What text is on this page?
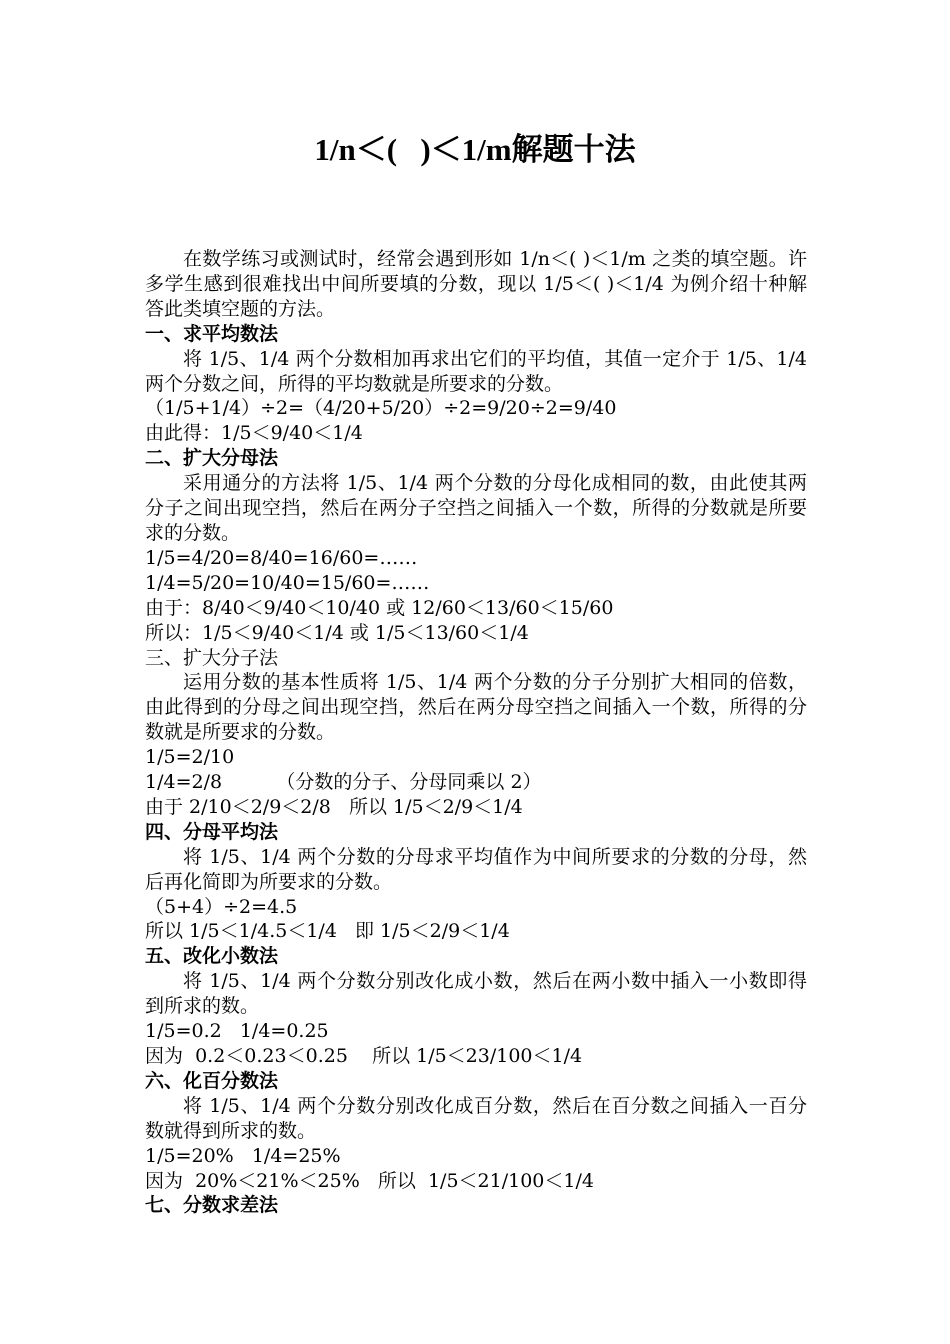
1/n＜(   )＜1/m解题十法

在数学练习或测试时，经常会遇到形如 1/n＜( )＜1/m 之类的填空题。许多学生感到很难找出中间所要填的分数，现以 1/5＜( )＜1/4 为例介绍十种解答此类填空题的方法。

一、求平均数法

将 1/5、1/4 两个分数相加再求出它们的平均值，其值一定介于 1/5、1/4 两个分数之间，所得的平均数就是所要求的分数。

（1/5+1/4）÷2=（4/20+5/20）÷2=9/20÷2=9/40
由此得：1/5＜9/40＜1/4
二、扩大分母法

采用通分的方法将 1/5、1/4 两个分数的分母化成相同的数，由此使其两分子之间出现空挡，然后在两分子空挡之间插入一个数，所得的分数就是所要求的分数。

1/5=4/20=8/40=16/60=……
1/4=5/20=10/40=15/60=……
由于：8/40＜9/40＜10/40 或 12/60＜13/60＜15/60
所以：1/5＜9/40＜1/4 或 1/5＜13/60＜1/4
三、扩大分子法

运用分数的基本性质将 1/5、1/4 两个分数的分子分别扩大相同的倍数，由此得到的分母之间出现空挡，然后在两分母空挡之间插入一个数，所得的分数就是所要求的分数。

1/5=2/10
1/4=2/8         （分数的分子、分母同乘以 2）
由于 2/10＜2/9＜2/8   所以 1/5＜2/9＜1/4
四、分母平均法

将 1/5、1/4 两个分数的分母求平均值作为中间所要求的分数的分母，然后再化简即为所要求的分数。

（5+4）÷2=4.5
所以 1/5＜1/4.5＜1/4   即 1/5＜2/9＜1/4
五、改化小数法

将 1/5、1/4 两个分数分别改化成小数，然后在两小数中插入一小数即得到所求的数。

1/5=0.2   1/4=0.25
因为  0.2＜0.23＜0.25    所以 1/5＜23/100＜1/4
六、化百分数法

将 1/5、1/4 两个分数分别改化成百分数，然后在百分数之间插入一百分数就得到所求的数。

1/5=20%   1/4=25%
因为  20%＜21%＜25%   所以  1/5＜21/100＜1/4
七、分数求差法
